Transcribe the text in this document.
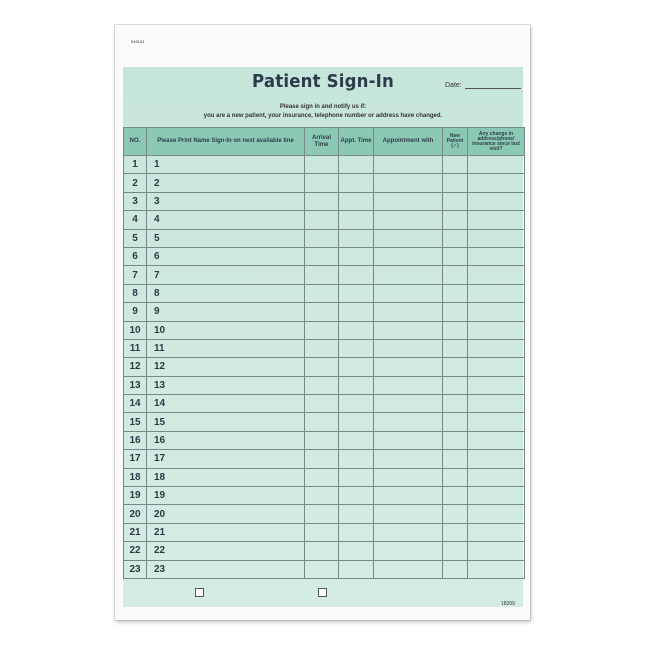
049103
Patient Sign-In	Date:
Please sign in and notify us if:
you are a new patient, your insurance, telephone number or address have changed.
NO.	Please Print Name Sign-In on next available line	Arrival Time	Appt. Time	Appointment with	New Patient (✓)	Any change in address/phone/ insurance since last visit?
1	1					
2	2					
3	3					
4	4					
5	5					
6	6					
7	7					
8	8					
9	9					
10	10					
11	11					
12	12					
13	13					
14	14					
15	15					
16	16					
17	17					
18	18					
19	19					
20	20					
21	21					
22	22					
23	23					
18209
